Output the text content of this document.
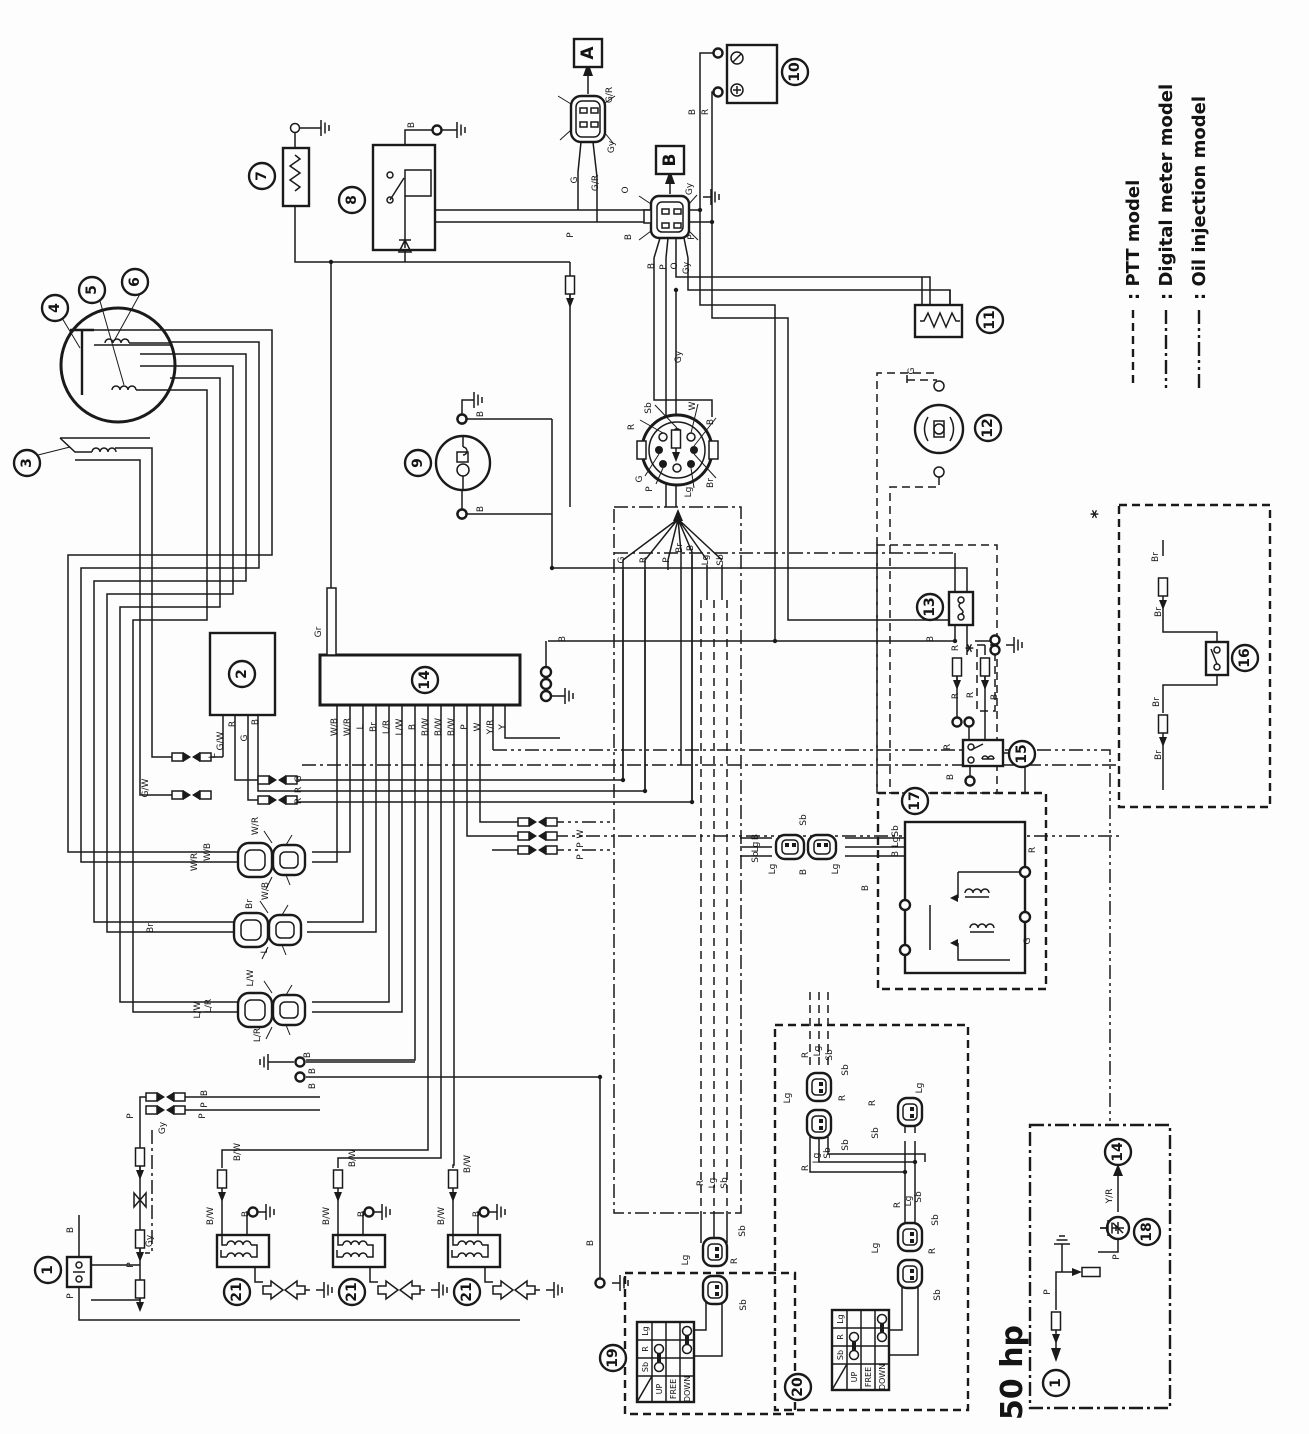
50 hp
G/R
Gy
G G/R
B R
B
P
Gy
O	Gy
B	P
B P O Gy
G
B
B
R
Sb	W
B
G
P	Lg
Br
G R P
Br B
Lg Sb
Gr
W/B W/R L Br L/R L/W B B/W B/W B/W P W Y/R Y
B	B
G/W
R
G
B
L
G/W	G
R
R
W
P
P
W/R
W/B
W/R
W/B
Br
L
Br
L/W
L/R
L/W L/R
B
B
B
B
P
P
Gy
P
Gy
P
B
P
B/W	B/W	B/W
B/W	B/W	B/W
B	B	B
R Lg Sb
Sb
Lg	R
Sb
B
R Lg Sb
Lg
Sb
R
Sb
R
Sb
Lg
R
Lg Sb
R Lg Sb
Sb
Lg	R
Sb
Sb
B
Lg
Sb
Lg B Lg
Sb
Lg
B
B
R
G
R
R R B
R
B
Br
Br
Br
Br
Y/R
P
P
1
1
2
3
4
5
6
7
8
9
10
11
12
13
14
14
15
16
17
18
19
20
21	21	21
A
B
*
*
: PTT model : Digital meter model : Oil injection model
Sb
R
Lg
UP FREE DOWN
Sb
R
Lg
UP FREE DOWN
